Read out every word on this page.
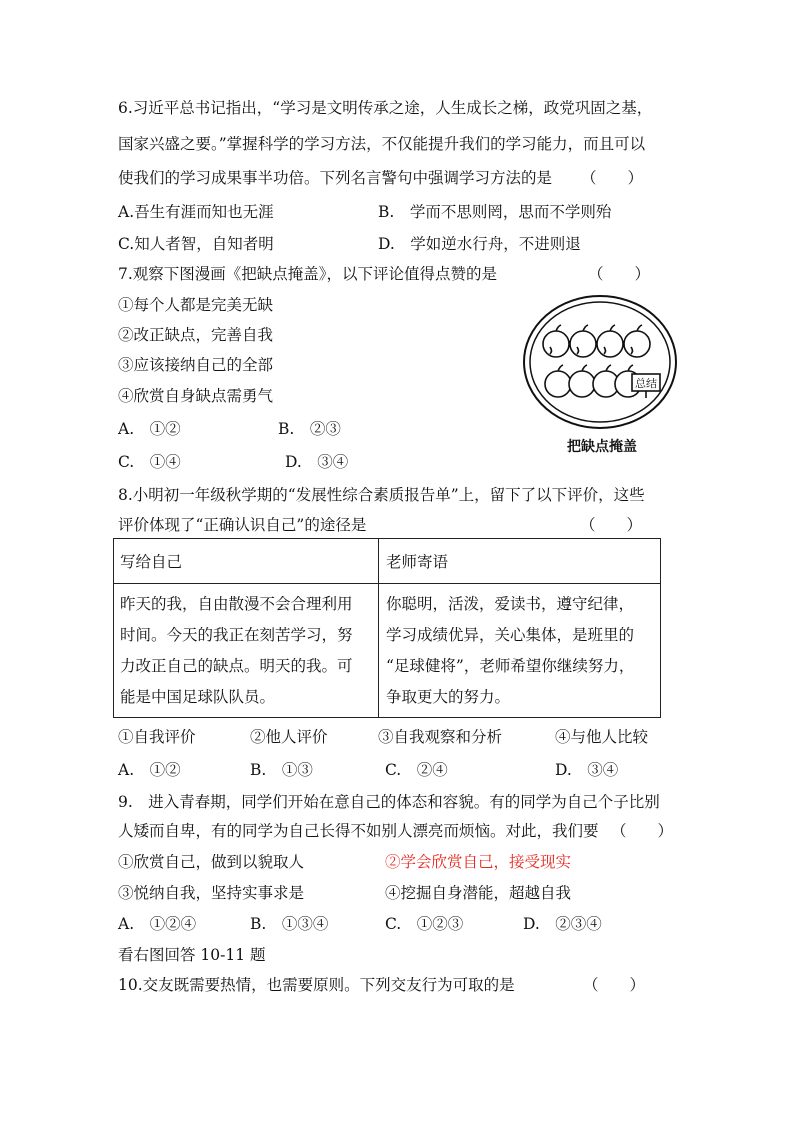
6.习近平总书记指出，“学习是文明传承之途，人生成长之梯，政党巩固之基，
国家兴盛之要。”掌握科学的学习方法，不仅能提升我们的学习能力，而且可以
使我们的学习成果事半功倍。下列名言警句中强调学习方法的是 （　　）
A.吾生有涯而知也无涯	B.　学而不思则罔，思而不学则殆
C.知人者智，自知者明	D.　学如逆水行舟，不进则退
7.观察下图漫画《把缺点掩盖》，以下评论值得点赞的是	（　　）
①每个人都是完美无缺
②改正缺点，完善自我
③应该接纳自己的全部
④欣赏自身缺点需勇气
A.　①②	B.　②③
C.　①④	D.　③④
总结
把缺点掩盖
8.小明初一年级秋学期的“发展性综合素质报告单”上，留下了以下评价，这些
评价体现了“正确认识自己”的途径是	（　　）
写给自己	老师寄语
昨天的我，自由散漫不会合理利用
时间。今天的我正在刻苦学习，努
力改正自己的缺点。明天的我。可
能是中国足球队队员。
你聪明，活泼，爱读书，遵守纪律，
学习成绩优异，关心集体，是班里的
“足球健将”，老师希望你继续努力，
争取更大的努力。
①自我评价	②他人评价	③自我观察和分析	④与他人比较
A.　①②	B.　①③	C.　②④	D.　③④
9.　进入青春期，同学们开始在意自己的体态和容貌。有的同学为自己个子比别
人矮而自卑，有的同学为自己长得不如别人漂亮而烦恼。对此，我们要 （　　）
①欣赏自己，做到以貌取人	②学会欣赏自己，接受现实
③悦纳自我，坚持实事求是	④挖掘自身潜能，超越自我
A.　①②④	B.　①③④	C.　①②③	D.　②③④
看右图回答 10-11 题
10.交友既需要热情，也需要原则。下列交友行为可取的是	（　　）
